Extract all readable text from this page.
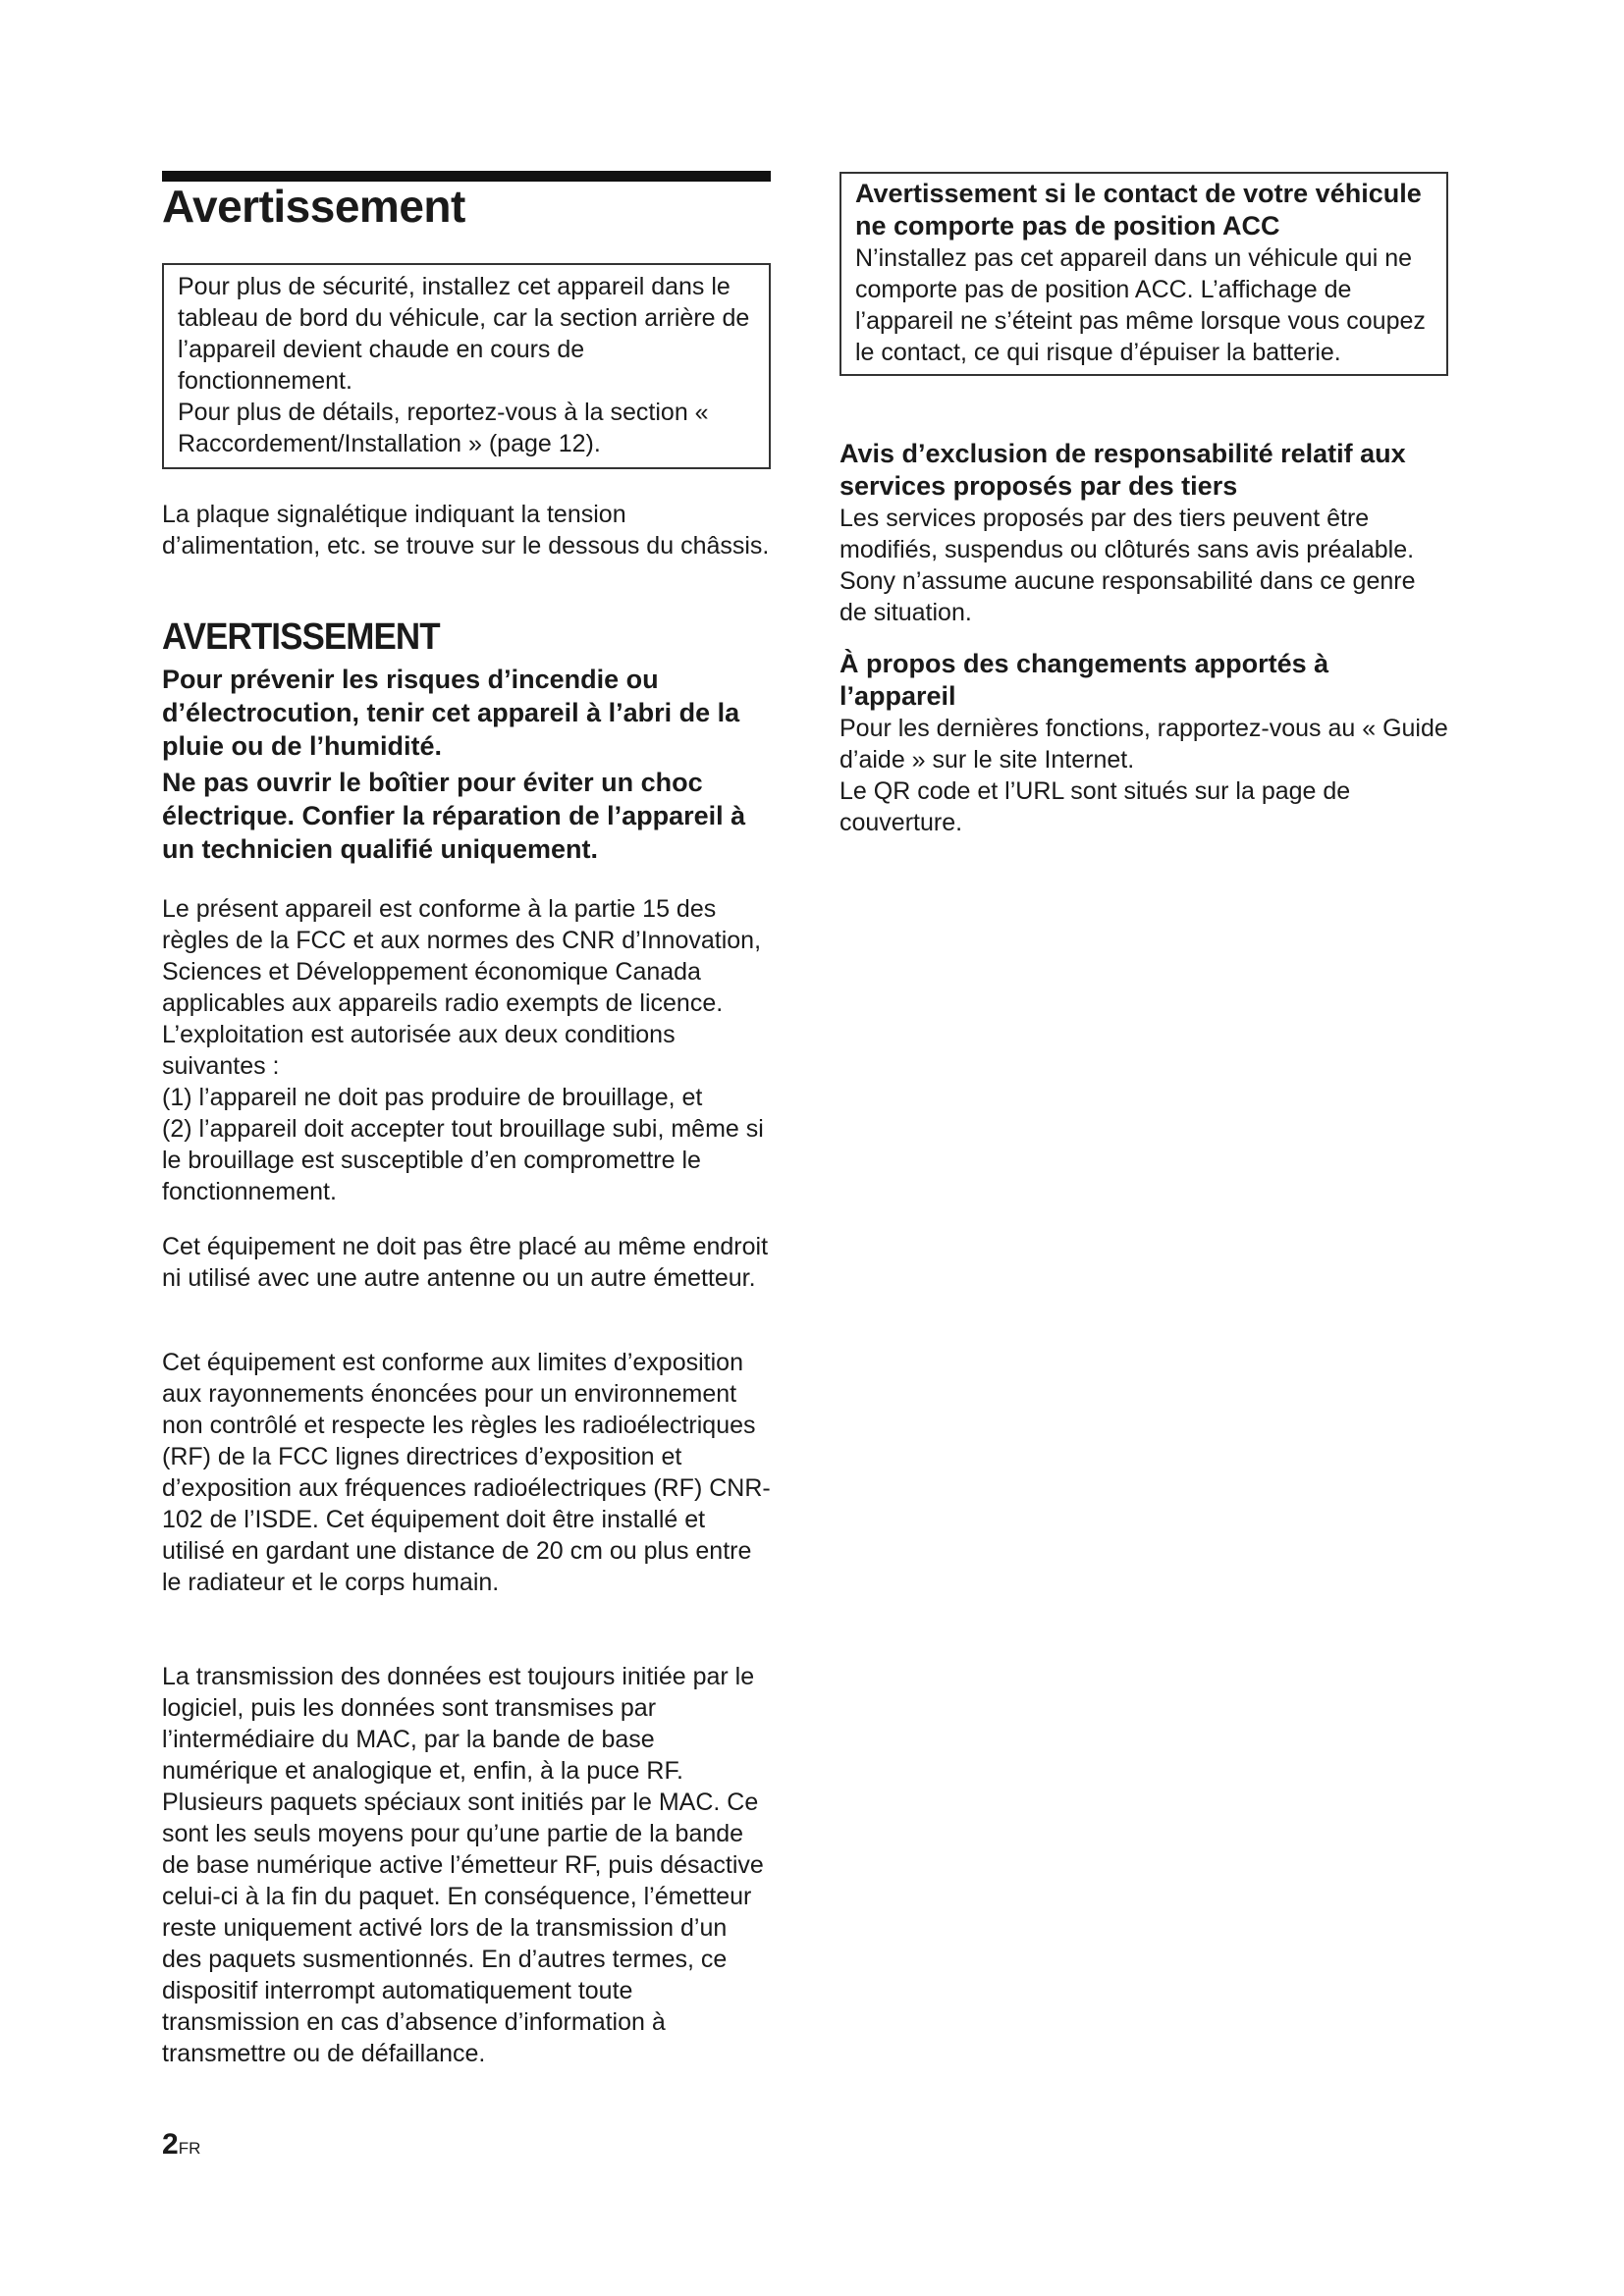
Avertissement

Pour plus de sécurité, installez cet appareil dans le tableau de bord du véhicule, car la section arrière de l’appareil devient chaude en cours de fonctionnement.

Pour plus de détails, reportez-vous à la section « Raccordement/Installation » (page 12).

La plaque signalétique indiquant la tension d’alimentation, etc. se trouve sur le dessous du châssis.

AVERTISSEMENT

Pour prévenir les risques d’incendie ou d’électrocution, tenir cet appareil à l’abri de la pluie ou de l’humidité.

Ne pas ouvrir le boîtier pour éviter un choc électrique. Confier la réparation de l’appareil à un technicien qualifié uniquement.

Le présent appareil est conforme à la partie 15 des règles de la FCC et aux normes des CNR d’Innovation, Sciences et Développement économique Canada applicables aux appareils radio exempts de licence. L’exploitation est autorisée aux deux conditions suivantes :

(1) l’appareil ne doit pas produire de brouillage, et

(2) l’appareil doit accepter tout brouillage subi, même si le brouillage est susceptible d’en compromettre le fonctionnement.

Cet équipement ne doit pas être placé au même endroit ni utilisé avec une autre antenne ou un autre émetteur.

Cet équipement est conforme aux limites d’exposition aux rayonnements énoncées pour un environnement non contrôlé et respecte les règles les radioélectriques (RF) de la FCC lignes directrices d’exposition et d’exposition aux fréquences radioélectriques (RF) CNR-102 de l’ISDE. Cet équipement doit être installé et utilisé en gardant une distance de 20 cm ou plus entre le radiateur et le corps humain.

La transmission des données est toujours initiée par le logiciel, puis les données sont transmises par l’intermédiaire du MAC, par la bande de base numérique et analogique et, enfin, à la puce RF. Plusieurs paquets spéciaux sont initiés par le MAC. Ce sont les seuls moyens pour qu’une partie de la bande de base numérique active l’émetteur RF, puis désactive celui-ci à la fin du paquet. En conséquence, l’émetteur reste uniquement activé lors de la transmission d’un des paquets susmentionnés. En d’autres termes, ce dispositif interrompt automatiquement toute transmission en cas d’absence d’information à transmettre ou de défaillance.

2FR

Avertissement si le contact de votre véhicule ne comporte pas de position ACC

N’installez pas cet appareil dans un véhicule qui ne comporte pas de position ACC. L’affichage de l’appareil ne s’éteint pas même lorsque vous coupez le contact, ce qui risque d’épuiser la batterie.

Avis d’exclusion de responsabilité relatif aux services proposés par des tiers

Les services proposés par des tiers peuvent être modifiés, suspendus ou clôturés sans avis préalable. Sony n’assume aucune responsabilité dans ce genre de situation.

À propos des changements apportés à l’appareil

Pour les dernières fonctions, rapportez-vous au « Guide d’aide » sur le site Internet.

Le QR code et l’URL sont situés sur la page de couverture.
